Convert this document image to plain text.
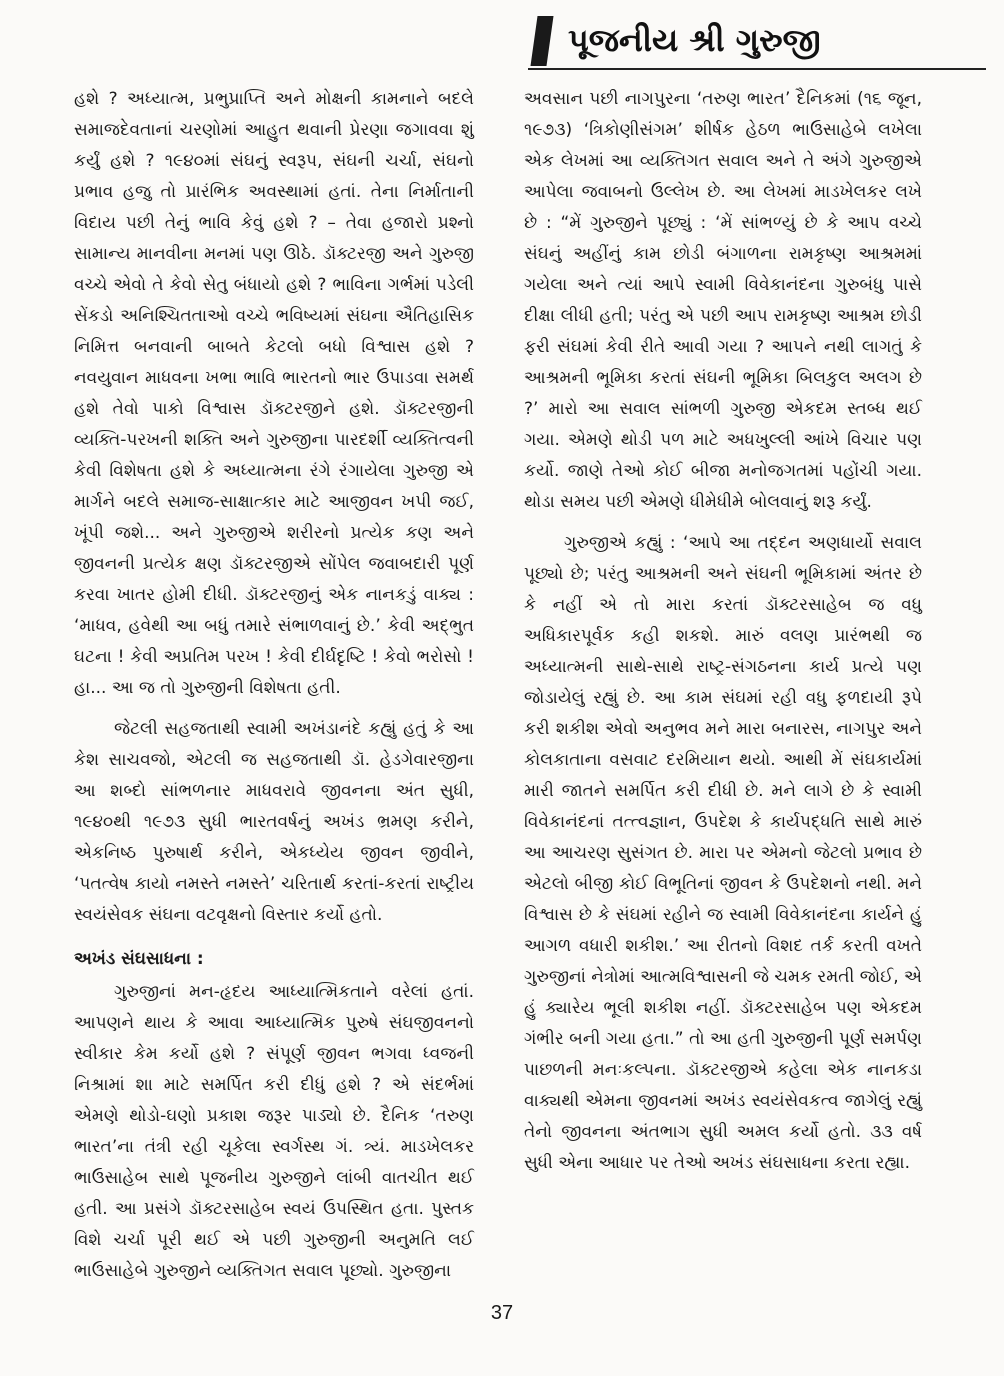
પૂજનીય શ્રી ગુરુજી

હશે ? અધ્યાત્મ, પ્રભુપ્રાપ્તિ અને મોક્ષની કામનાને બદલે સમાજદેવતાનાં ચરણોમાં આહુત થવાની પ્રેરણા જગાવવા શું કર્યું હશે ? ૧૯૪૦માં સંઘનું સ્વરૂપ, સંઘની ચર્ચા, સંઘનો પ્રભાવ હજુ તો પ્રારંભિક અવસ્થામાં હતાં. તેના નિર્માતાની વિદાય પછી તેનું ભાવિ કેવું હશે ? – તેવા હજારો પ્રશ્નો સામાન્ય માનવીના મનમાં પણ ઊઠે. ડૉક્ટરજી અને ગુરુજી વચ્ચે એવો તે કેવો સેતુ બંધાયો હશે ? ભાવિના ગર્ભમાં પડેલી સેંકડો અનિશ્ચિતતાઓ વચ્ચે ભવિષ્યમાં સંઘના ઐતિહાસિક નિમિત્ત બનવાની બાબતે કેટલો બધો વિશ્વાસ હશે ? નવયુવાન માધવના ખભા ભાવિ ભારતનો ભાર ઉપાડવા સમર્થ હશે તેવો પાકો વિશ્વાસ ડૉક્ટરજીને હશે. ડૉક્ટરજીની વ્યક્તિ-પરખની શક્તિ અને ગુરુજીના પારદર્શી વ્યક્તિત્વની કેવી વિશેષતા હશે કે અધ્યાત્મના રંગે રંગાયેલા ગુરુજી એ માર્ગને બદલે સમાજ-સાક્ષાત્કાર માટે આજીવન ખપી જઈ, ખૂંપી જશે... અને ગુરુજીએ શરીરનો પ્રત્યેક કણ અને જીવનની પ્રત્યેક ક્ષણ ડૉક્ટરજીએ સોંપેલ જવાબદારી પૂર્ણ કરવા ખાતર હોમી દીધી. ડૉક્ટરજીનું એક નાનકડું વાક્ય : ‘માધવ, હવેથી આ બધું તમારે સંભાળવાનું છે.’ કેવી અદ્‌ભુત ઘટના ! કેવી અપ્રતિમ પરખ ! કેવી દીર્ઘદૃષ્ટિ ! કેવો ભરોસો ! હા... આ જ તો ગુરુજીની વિશેષતા હતી.

જેટલી સહજતાથી સ્વામી અખંડાનંદે કહ્યું હતું કે આ કેશ સાચવજો, એટલી જ સહજતાથી ડૉ. હેડગેવારજીના આ શબ્દો સાંભળનાર માધવરાવે જીવનના અંત સુધી, ૧૯૪૦થી ૧૯૭૩ સુધી ભારતવર્ષનું અખંડ ભ્રમણ કરીને, એકનિષ્ઠ પુરુષાર્થ કરીને, એકધ્યેય જીવન જીવીને, ‘પતત્વેષ કાયો નમસ્તે નમસ્તે’ ચરિતાર્થ કરતાં-કરતાં રાષ્ટ્રીય સ્વયંસેવક સંઘના વટવૃક્ષનો વિસ્તાર કર્યો હતો.

અખંડ સંઘસાધના :

ગુરુજીનાં મન-હૃદય આધ્યાત્મિકતાને વરેલાં હતાં. આપણને થાય કે આવા આધ્યાત્મિક પુરુષે સંઘજીવનનો સ્વીકાર કેમ કર્યો હશે ? સંપૂર્ણ જીવન ભગવા ધ્વજની નિશ્રામાં શા માટે સમર્પિત કરી દીધું હશે ? એ સંદર્ભમાં એમણે થોડો-ઘણો પ્રકાશ જરૂર પાડ્યો છે. દૈનિક ‘તરુણ ભારત’ના તંત્રી રહી ચૂકેલા સ્વર્ગસ્થ ગં. ત્ર્યં. માડખેલકર ભાઉસાહેબ સાથે પૂજનીય ગુરુજીને લાંબી વાતચીત થઈ હતી. આ પ્રસંગે ડૉક્ટરસાહેબ સ્વયં ઉપસ્થિત હતા. પુસ્તક વિશે ચર્ચા પૂરી થઈ એ પછી ગુરુજીની અનુમતિ લઈ ભાઉસાહેબે ગુરુજીને વ્યક્તિગત સવાલ પૂછ્યો. ગુરુજીના

અવસાન પછી નાગપુરના ‘તરુણ ભારત’ દૈનિકમાં (૧૬ જૂન, ૧૯૭૩) ‘ત્રિકોણીસંગમ’ શીર્ષક હેઠળ ભાઉસાહેબે લખેલા એક લેખમાં આ વ્યક્તિગત સવાલ અને તે અંગે ગુરુજીએ આપેલા જવાબનો ઉલ્લેખ છે. આ લેખમાં માડખેલકર લખે છે : “મેં ગુરુજીને પૂછ્યું : ‘મેં સાંભળ્યું છે કે આપ વચ્ચે સંઘનું અહીંનું કામ છોડી બંગાળના રામકૃષ્ણ આશ્રમમાં ગયેલા અને ત્યાં આપે સ્વામી વિવેકાનંદના ગુરુબંધુ પાસે દીક્ષા લીધી હતી; પરંતુ એ પછી આપ રામકૃષ્ણ આશ્રમ છોડી ફરી સંઘમાં કેવી રીતે આવી ગયા ? આપને નથી લાગતું કે આશ્રમની ભૂમિકા કરતાં સંઘની ભૂમિકા બિલકુલ અલગ છે ?’ મારો આ સવાલ સાંભળી ગુરુજી એકદમ સ્તબ્ધ થઈ ગયા. એમણે થોડી પળ માટે અધખુલ્લી આંખે વિચાર પણ કર્યો. જાણે તેઓ કોઈ બીજા મનોજગતમાં પહોંચી ગયા. થોડા સમય પછી એમણે ધીમેધીમે બોલવાનું શરૂ કર્યું.

ગુરુજીએ કહ્યું : ‘આપે આ તદ્દન અણધાર્યો સવાલ પૂછ્યો છે; પરંતુ આશ્રમની અને સંઘની ભૂમિકામાં અંતર છે કે નહીં એ તો મારા કરતાં ડૉક્ટરસાહેબ જ વધુ અધિકારપૂર્વક કહી શકશે. મારું વલણ પ્રારંભથી જ અધ્યાત્મની સાથે-સાથે રાષ્ટ્ર-સંગઠનના કાર્ય પ્રત્યે પણ જોડાયેલું રહ્યું છે. આ કામ સંઘમાં રહી વધુ ફળદાયી રૂપે કરી શકીશ એવો અનુભવ મને મારા બનારસ, નાગપુર અને કોલકાતાના વસવાટ દરમિયાન થયો. આથી મેં સંઘકાર્યમાં મારી જાતને સમર્પિત કરી દીધી છે. મને લાગે છે કે સ્વામી વિવેકાનંદનાં તત્ત્વજ્ઞાન, ઉપદેશ કે કાર્યપદ્ધતિ સાથે મારું આ આચરણ સુસંગત છે. મારા પર એમનો જેટલો પ્રભાવ છે એટલો બીજી કોઈ વિભૂતિનાં જીવન કે ઉપદેશનો નથી. મને વિશ્વાસ છે કે સંઘમાં રહીને જ સ્વામી વિવેકાનંદના કાર્યને હું આગળ વધારી શકીશ.’ આ રીતનો વિશદ તર્ક કરતી વખતે ગુરુજીનાં નેત્રોમાં આત્મવિશ્વાસની જે ચમક રમતી જોઈ, એ હું ક્યારેય ભૂલી શકીશ નહીં. ડૉક્ટરસાહેબ પણ એકદમ ગંભીર બની ગયા હતા.” તો આ હતી ગુરુજીની પૂર્ણ સમર્પણ પાછળની મનઃકલ્પના. ડૉક્ટરજીએ કહેલા એક નાનકડા વાક્યથી એમના જીવનમાં અખંડ સ્વયંસેવકત્વ જાગેલું રહ્યું તેનો જીવનના અંતભાગ સુધી અમલ કર્યો હતો. ૩૩ વર્ષ સુધી એના આધાર પર તેઓ અખંડ સંઘસાધના કરતા રહ્યા.

37
